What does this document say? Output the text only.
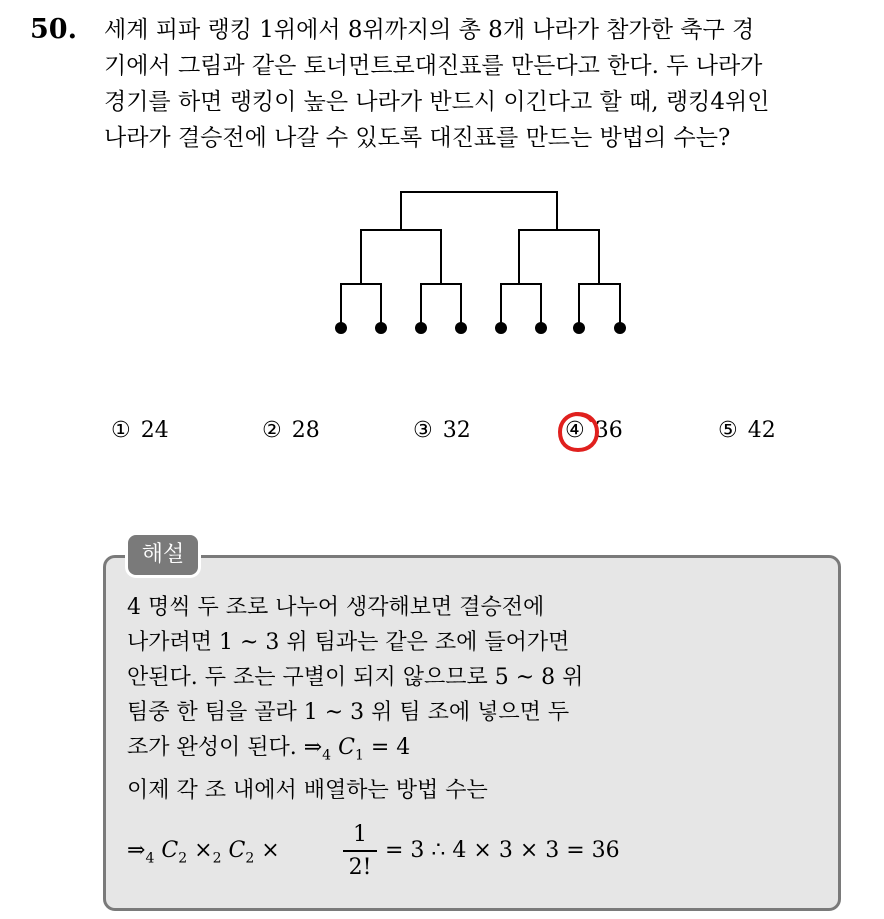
50. 세계 피파 랭킹 1위에서 8위까지의 총 8개 나라가 참가한 축구 경
기에서 그림과 같은 토너먼트로대진표를 만든다고 한다. 두 나라가
경기를 하면 랭킹이 높은 나라가 반드시 이긴다고 할 때, 랭킹4위인
나라가 결승전에 나갈 수 있도록 대진표를 만드는 방법의 수는?
① 24	② 28	③ 32	④ 36	⑤ 42
해설
4 명씩 두 조로 나누어 생각해보면 결승전에
나가려면 1 ~ 3 위 팀과는 같은 조에 들어가면
안된다. 두 조는 구별이 되지 않으므로 5 ~ 8 위
팀중 한 팀을 골라 1 ~ 3 위 팀 조에 넣으면 두
조가 완성이 된다. $\Rightarrow_4$ $C_1 = 4$
이제 각 조 내에서 배열하는 방법 수는
$\Rightarrow_4$ $C_2 \times_2$ $C_2$ ×
1
2!
= 3 ∴ 4 × 3 × 3 = 36
